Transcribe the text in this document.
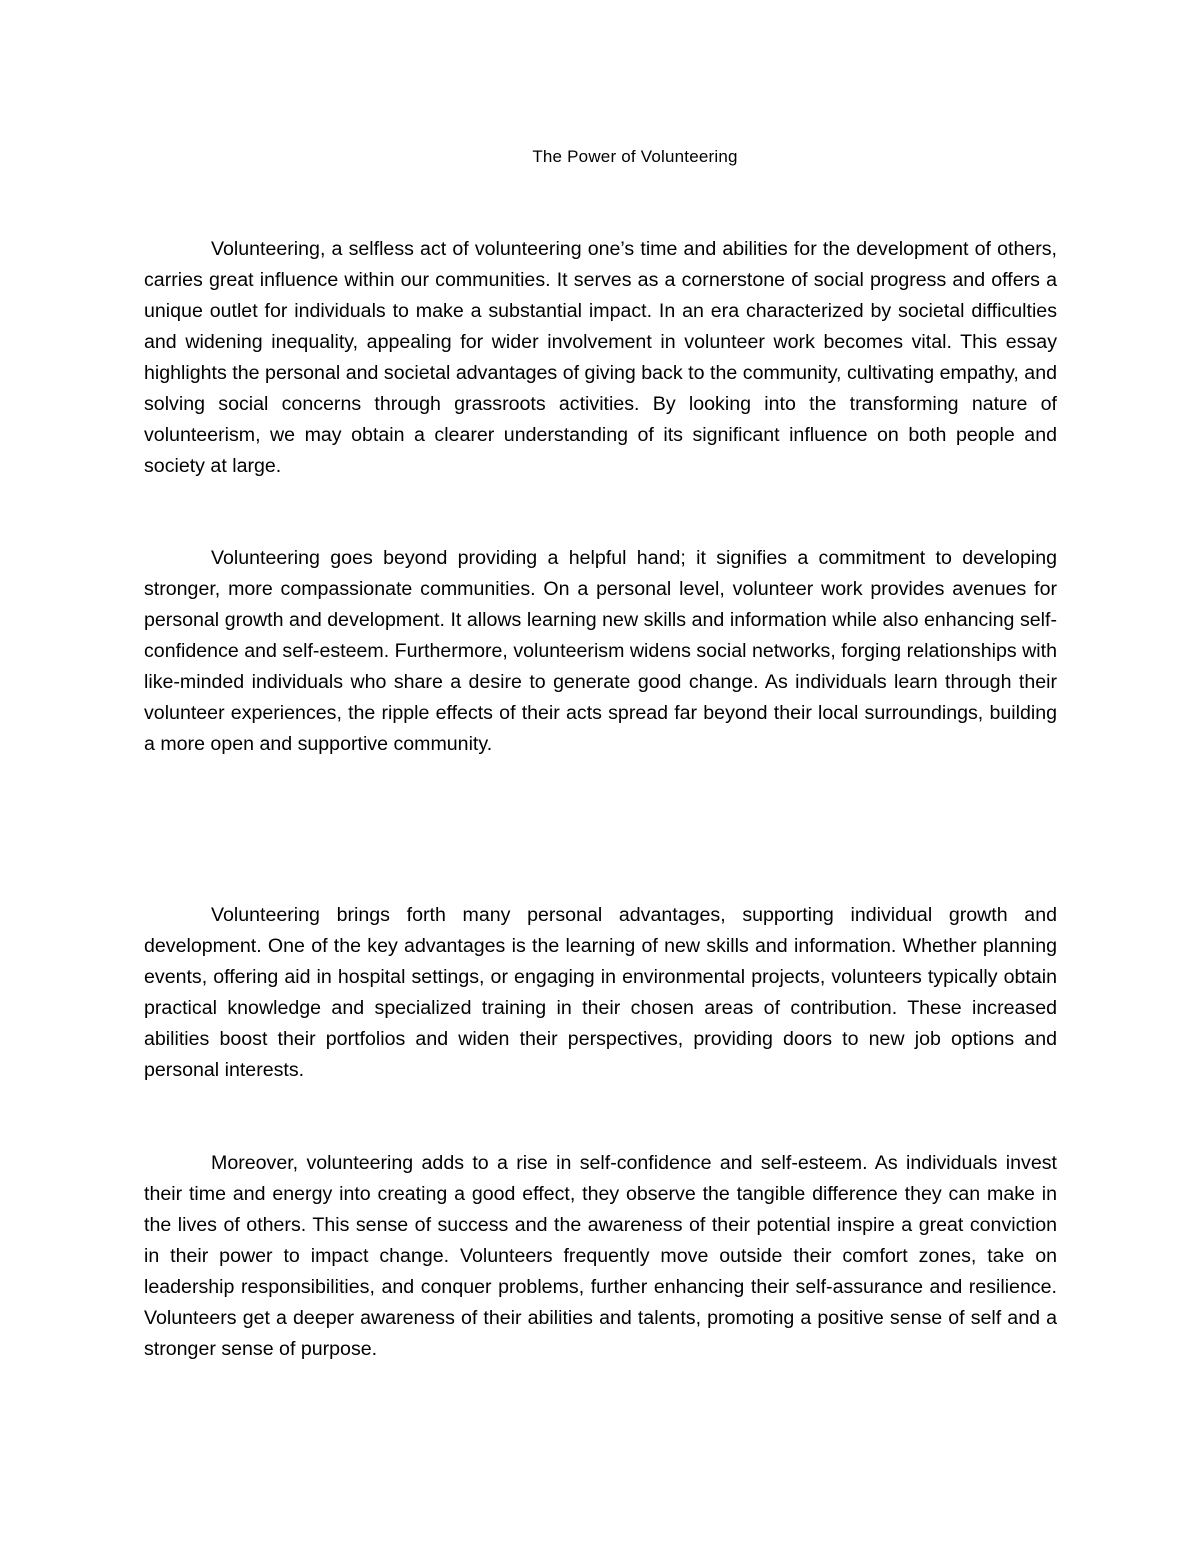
The Power of Volunteering

Volunteering, a selfless act of volunteering one’s time and abilities for the development of others, carries great influence within our communities. It serves as a cornerstone of social progress and offers a unique outlet for individuals to make a substantial impact. In an era characterized by societal difficulties and widening inequality, appealing for wider involvement in volunteer work becomes vital. This essay highlights the personal and societal advantages of giving back to the community, cultivating empathy, and solving social concerns through grassroots activities. By looking into the transforming nature of volunteerism, we may obtain a clearer understanding of its significant influence on both people and society at large.

Volunteering goes beyond providing a helpful hand; it signifies a commitment to developing stronger, more compassionate communities. On a personal level, volunteer work provides avenues for personal growth and development. It allows learning new skills and information while also enhancing self-confidence and self-esteem. Furthermore, volunteerism widens social networks, forging relationships with like-minded individuals who share a desire to generate good change. As individuals learn through their volunteer experiences, the ripple effects of their acts spread far beyond their local surroundings, building a more open and supportive community.

Volunteering brings forth many personal advantages, supporting individual growth and development. One of the key advantages is the learning of new skills and information. Whether planning events, offering aid in hospital settings, or engaging in environmental projects, volunteers typically obtain practical knowledge and specialized training in their chosen areas of contribution. These increased abilities boost their portfolios and widen their perspectives, providing doors to new job options and personal interests.

Moreover, volunteering adds to a rise in self-confidence and self-esteem. As individuals invest their time and energy into creating a good effect, they observe the tangible difference they can make in the lives of others. This sense of success and the awareness of their potential inspire a great conviction in their power to impact change. Volunteers frequently move outside their comfort zones, take on leadership responsibilities, and conquer problems, further enhancing their self-assurance and resilience. Volunteers get a deeper awareness of their abilities and talents, promoting a positive sense of self and a stronger sense of purpose.
